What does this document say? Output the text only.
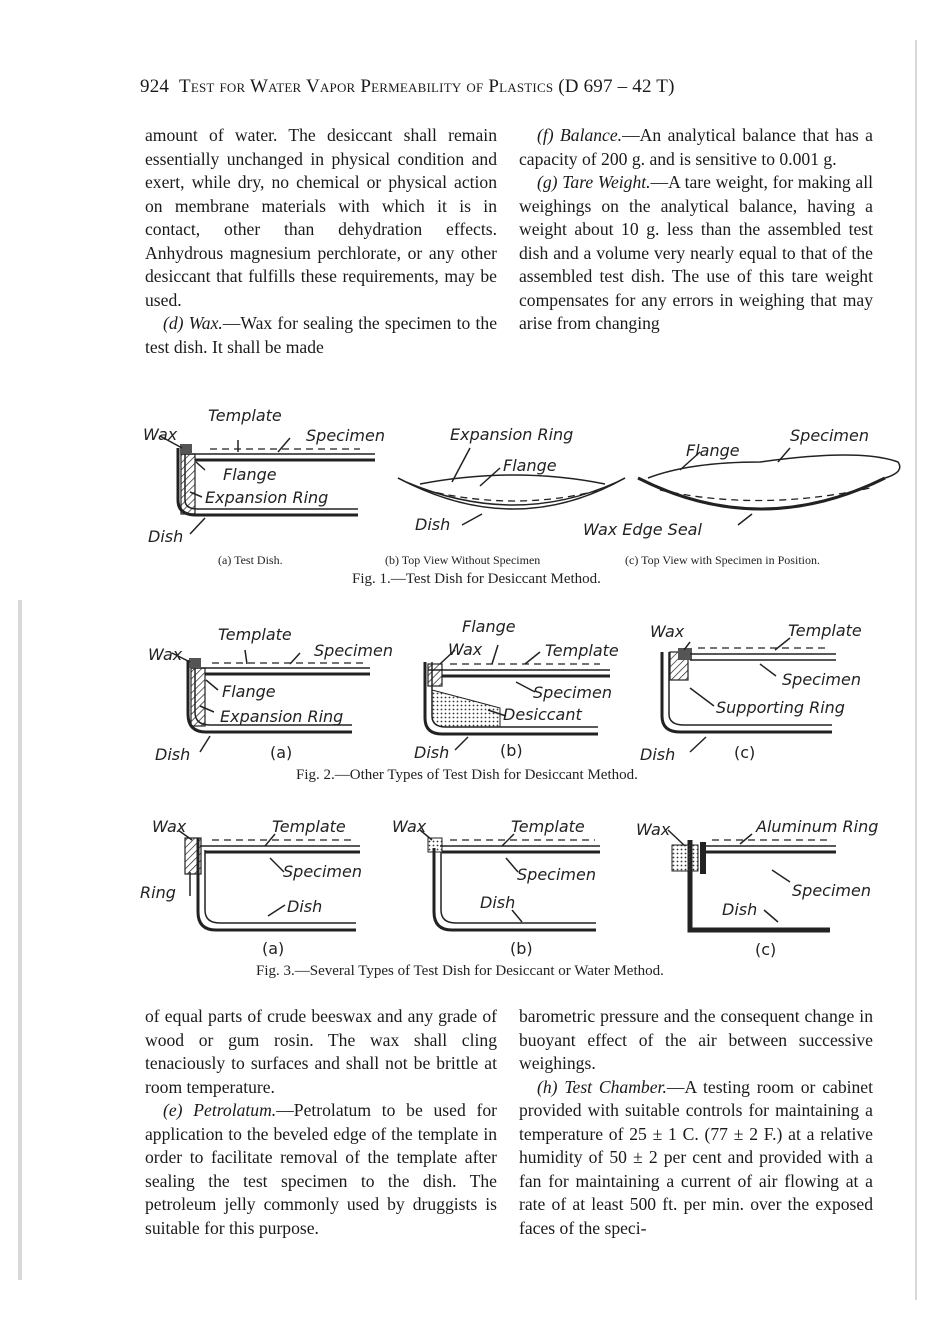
924 Test for Water Vapor Permeability of Plastics (D 697 – 42 T)

amount of water. The desiccant shall remain essentially unchanged in physical condition and exert, while dry, no chemical or physical action on membrane materials with which it is in contact, other than dehydration effects. Anhydrous magnesium perchlorate, or any other desiccant that fulfills these requirements, may be used.

(d) Wax.—Wax for sealing the specimen to the test dish. It shall be made

(f) Balance.—An analytical balance that has a capacity of 200 g. and is sensitive to 0.001 g.

(g) Tare Weight.—A tare weight, for making all weighings on the analytical balance, having a weight about 10 g. less than the assembled test dish and a volume very nearly equal to that of the assembled test dish. The use of this tare weight compensates for any errors in weighing that may arise from changing

Template
Wax	Specimen
Flange
Expansion Ring
Dish
Expansion Ring
Flange
Dish
Flange
Specimen
Wax Edge Seal
(a) Test Dish.	(b) Top View Without Specimen	(c) Top View with Specimen in Position.
Fig. 1.—Test Dish for Desiccant Method.
Template
Wax	Specimen
Flange
Expansion Ring
Dish	(a)
Flange
Wax	Template
Specimen
Desiccant
Dish	(b)
Wax	Template
Specimen
Supporting Ring
Dish	(c)
Fig. 2.—Other Types of Test Dish for Desiccant Method.
Wax	Template
Specimen
Ring
Dish
(a)
Wax	Template
Specimen
Dish
(b)
Wax	Aluminum Ring
Specimen
Dish
(c)
Fig. 3.—Several Types of Test Dish for Desiccant or Water Method.

of equal parts of crude beeswax and any grade of wood or gum rosin. The wax shall cling tenaciously to surfaces and shall not be brittle at room temperature.

(e) Petrolatum.—Petrolatum to be used for application to the beveled edge of the template in order to facilitate removal of the template after sealing the test specimen to the dish. The petroleum jelly commonly used by druggists is suitable for this purpose.

barometric pressure and the consequent change in buoyant effect of the air between successive weighings.

(h) Test Chamber.—A testing room or cabinet provided with suitable controls for maintaining a temperature of 25 ± 1 C. (77 ± 2 F.) at a relative humidity of 50 ± 2 per cent and provided with a fan for maintaining a current of air flowing at a rate of at least 500 ft. per min. over the exposed faces of the speci-
